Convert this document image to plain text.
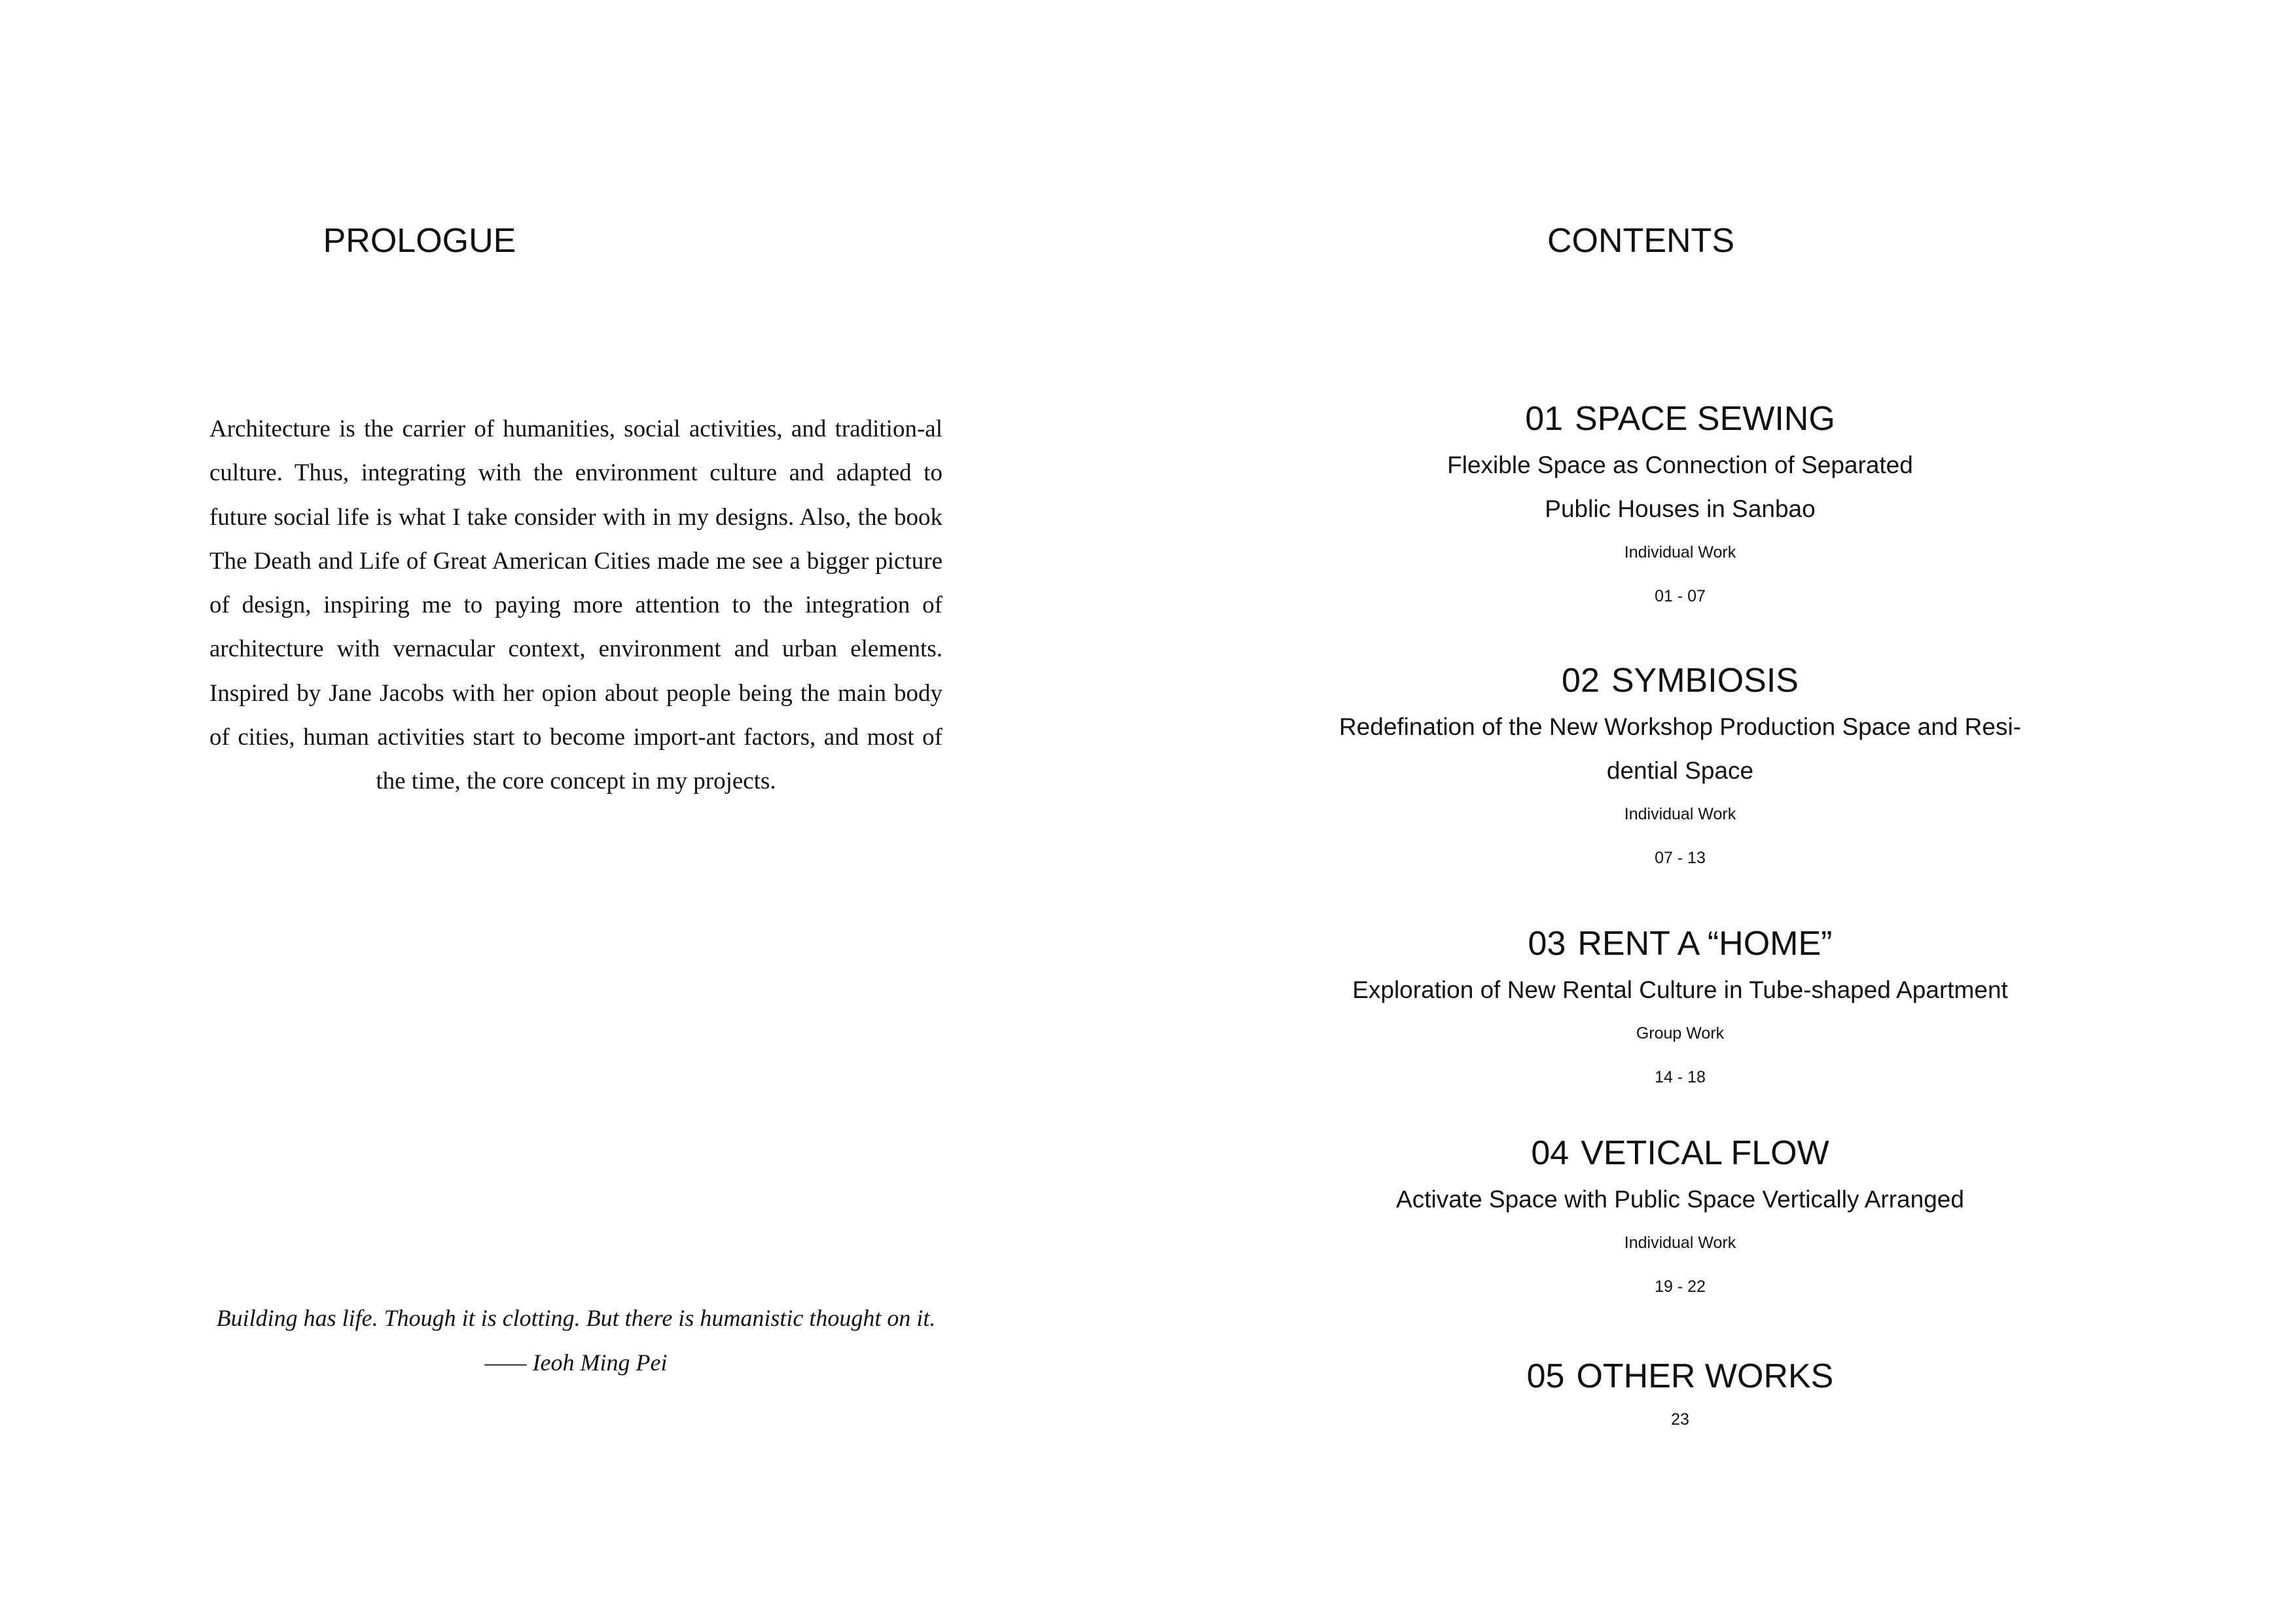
PROLOGUE

Architecture is the carrier of humanities, social activities, and tradition-al culture. Thus, integrating with the environment culture and adapted to future social life is what I take consider with in my designs. Also, the book The Death and Life of Great American Cities made me see a bigger picture of design, inspiring me to paying more attention to the integration of architecture with vernacular context, environment and urban elements. Inspired by Jane Jacobs with her opion about people being the main body of cities, human activities start to become import-ant factors, and most of the time, the core concept in my projects.

Building has life. Though it is clotting. But there is humanistic thought on it.
—— Ieoh Ming Pei

CONTENTS
01 SPACE SEWING

Flexible Space as Connection of Separated

Public Houses in Sanbao

Individual Work

01 - 07

02 SYMBIOSIS

Redefination of the New Workshop Production Space and Resi-

dential Space

Individual Work

07 - 13

03 RENT A “HOME”

Exploration of New Rental Culture in Tube-shaped Apartment

Group Work

14 - 18

04 VETICAL FLOW

Activate Space with Public Space Vertically Arranged

Individual Work

19 - 22

05 OTHER WORKS

23
